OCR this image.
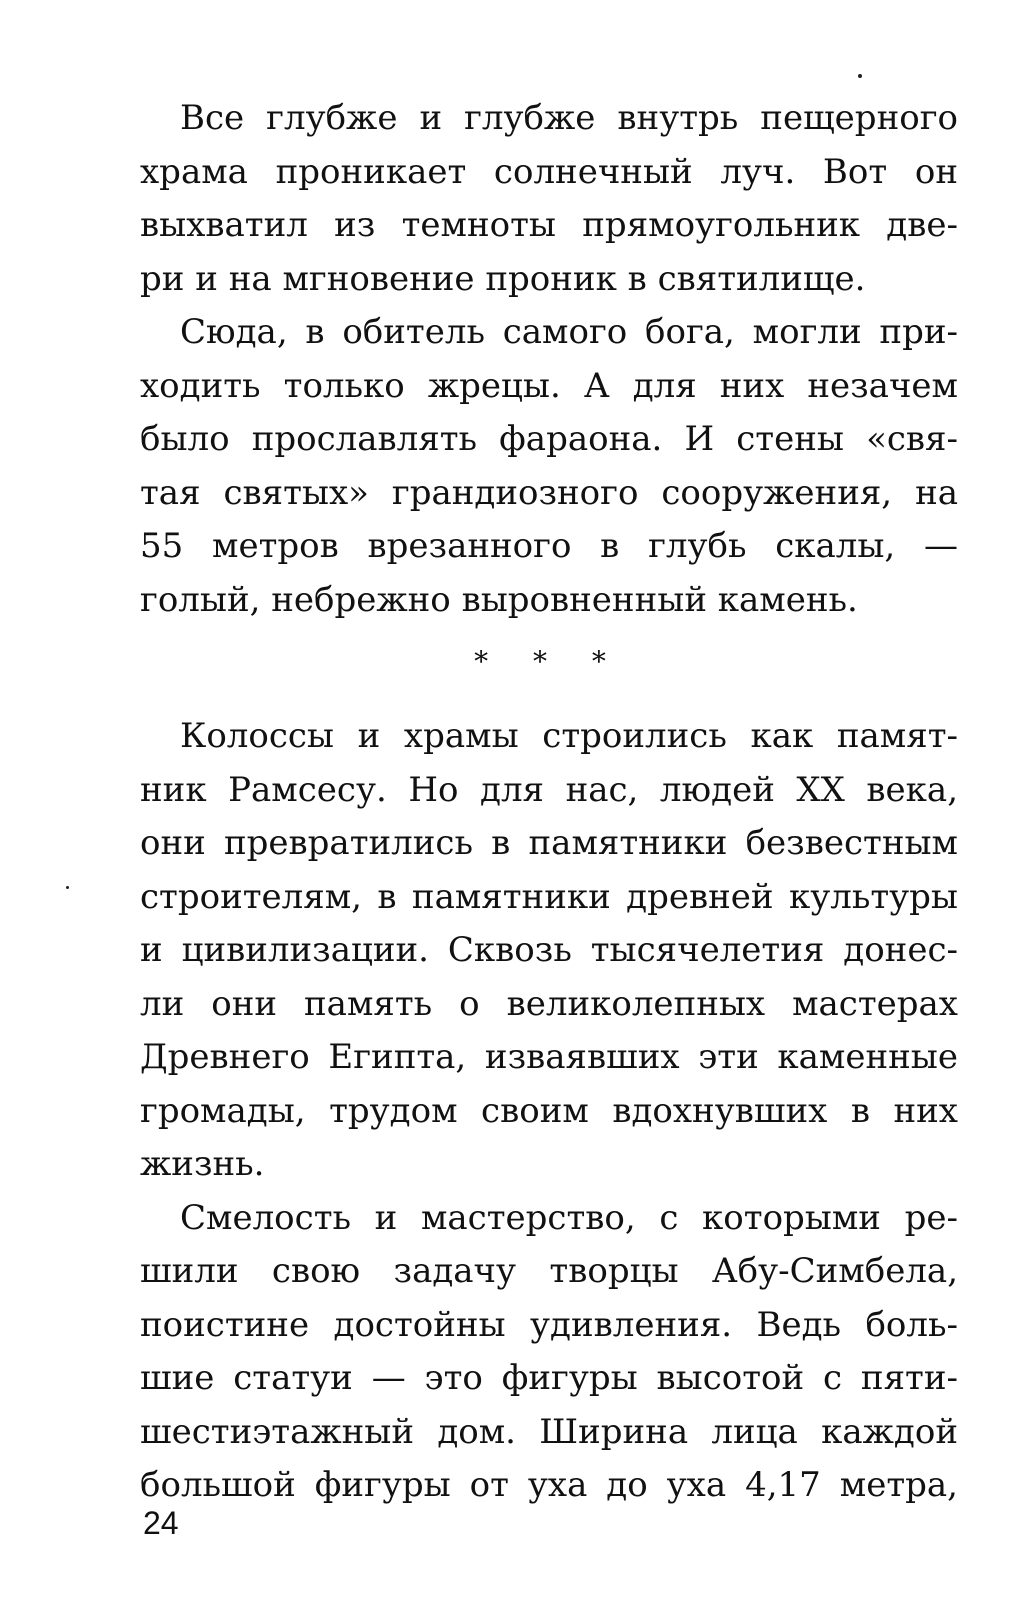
Все глубже и глубже внутрь пещерного
храма проникает солнечный луч. Вот он
выхватил из темноты прямоугольник две-
ри и на мгновение проник в святилище.
Сюда, в обитель самого бога, могли при-
ходить только жрецы. А для них незачем
было прославлять фараона. И стены «свя-
тая святых» грандиозного сооружения, на
55 метров врезанного в глубь скалы, —
голый, небрежно выровненный камень.
* * *
Колоссы и храмы строились как памят-
ник Рамсесу. Но для нас, людей XX века,
они превратились в памятники безвестным
строителям, в памятники древней культуры
и цивилизации. Сквозь тысячелетия донес-
ли они память о великолепных мастерах
Древнего Египта, изваявших эти каменные
громады, трудом своим вдохнувших в них
жизнь.
Смелость и мастерство, с которыми ре-
шили свою задачу творцы Абу-Симбела,
поистине достойны удивления. Ведь боль-
шие статуи — это фигуры высотой с пяти-
шестиэтажный дом. Ширина лица каждой
большой фигуры от уха до уха 4,17 метра,
24
